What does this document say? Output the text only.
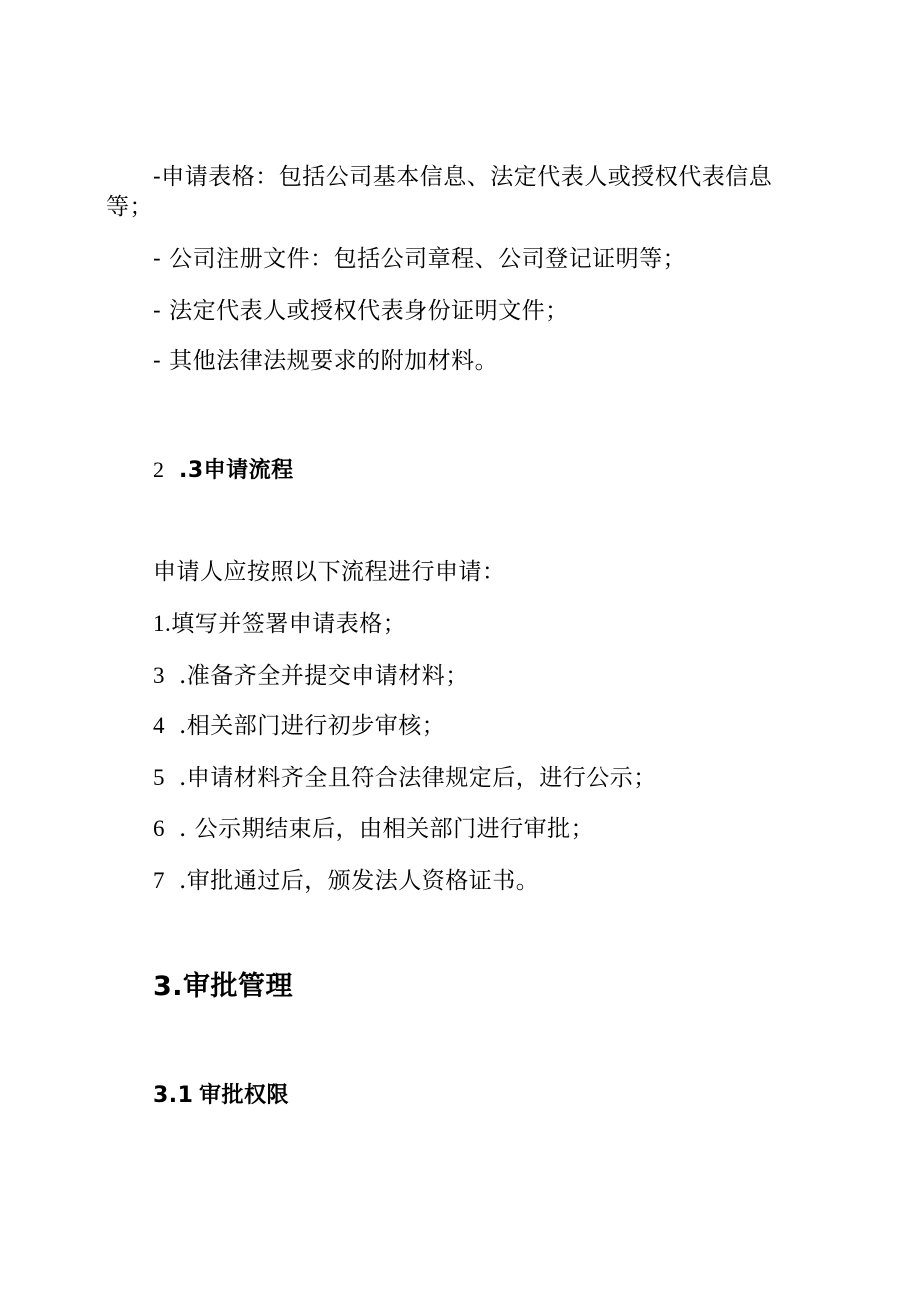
-申请表格：包括公司基本信息、法定代表人或授权代表信息

等；

- 公司注册文件：包括公司章程、公司登记证明等；

- 法定代表人或授权代表身份证明文件；

- 其他法律法规要求的附加材料。

2 .3申请流程

申请人应按照以下流程进行申请：

1.填写并签署申请表格；

3 .准备齐全并提交申请材料；

4 .相关部门进行初步审核；

5 .申请材料齐全且符合法律规定后，进行公示；

6 . 公示期结束后，由相关部门进行审批；

7 .审批通过后，颁发法人资格证书。

3.审批管理

3.1 审批权限
